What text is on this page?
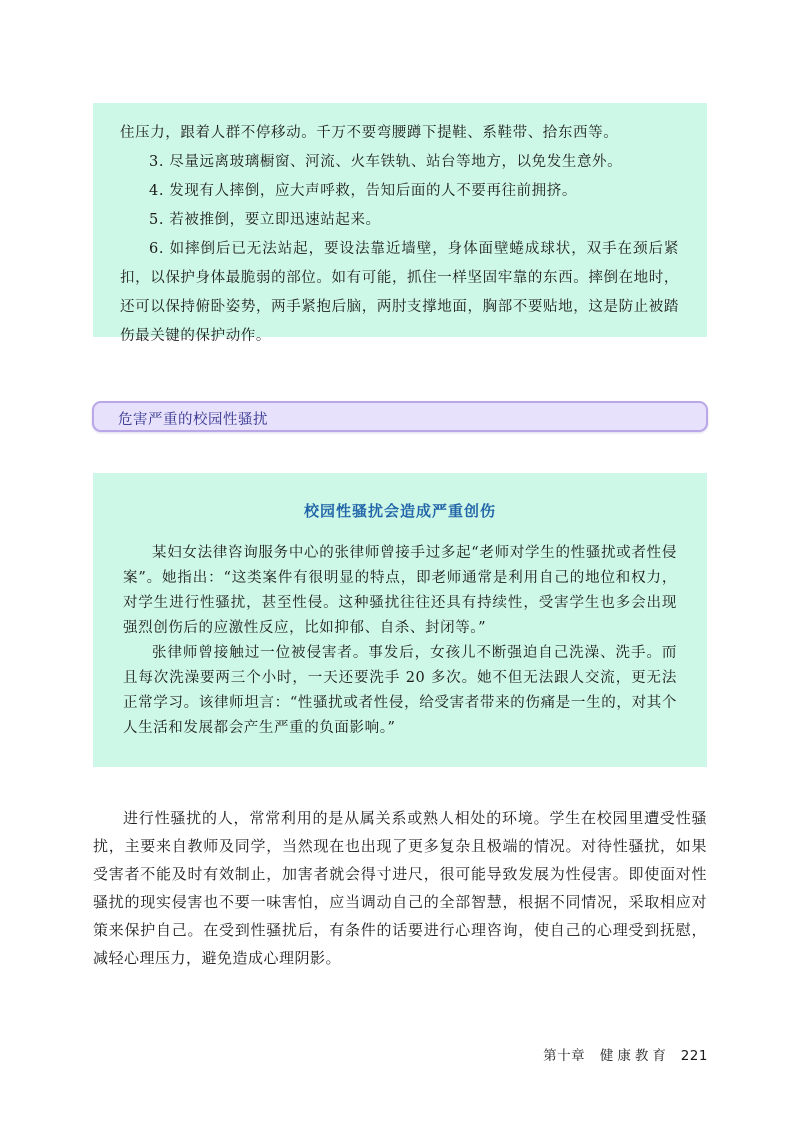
住压力，跟着人群不停移动。千万不要弯腰蹲下提鞋、系鞋带、拾东西等。

3. 尽量远离玻璃橱窗、河流、火车铁轨、站台等地方，以免发生意外。

4. 发现有人摔倒，应大声呼救，告知后面的人不要再往前拥挤。

5. 若被推倒，要立即迅速站起来。

6. 如摔倒后已无法站起，要设法靠近墙壁，身体面壁蜷成球状，双手在颈后紧扣，以保护身体最脆弱的部位。如有可能，抓住一样坚固牢靠的东西。摔倒在地时，还可以保持俯卧姿势，两手紧抱后脑，两肘支撑地面，胸部不要贴地，这是防止被踏伤最关键的保护动作。

危害严重的校园性骚扰
校园性骚扰会造成严重创伤

某妇女法律咨询服务中心的张律师曾接手过多起“老师对学生的性骚扰或者性侵案”。她指出：“这类案件有很明显的特点，即老师通常是利用自己的地位和权力，对学生进行性骚扰，甚至性侵。这种骚扰往往还具有持续性，受害学生也多会出现强烈创伤后的应激性反应，比如抑郁、自杀、封闭等。”

张律师曾接触过一位被侵害者。事发后，女孩儿不断强迫自己洗澡、洗手。而且每次洗澡要两三个小时，一天还要洗手 20 多次。她不但无法跟人交流，更无法正常学习。该律师坦言：“性骚扰或者性侵，给受害者带来的伤痛是一生的，对其个人生活和发展都会产生严重的负面影响。”

进行性骚扰的人，常常利用的是从属关系或熟人相处的环境。学生在校园里遭受性骚扰，主要来自教师及同学，当然现在也出现了更多复杂且极端的情况。对待性骚扰，如果受害者不能及时有效制止，加害者就会得寸进尺，很可能导致发展为性侵害。即使面对性骚扰的现实侵害也不要一味害怕，应当调动自己的全部智慧，根据不同情况，采取相应对策来保护自己。在受到性骚扰后，有条件的话要进行心理咨询，使自己的心理受到抚慰，减轻心理压力，避免造成心理阴影。

第十章 健康教育 221
